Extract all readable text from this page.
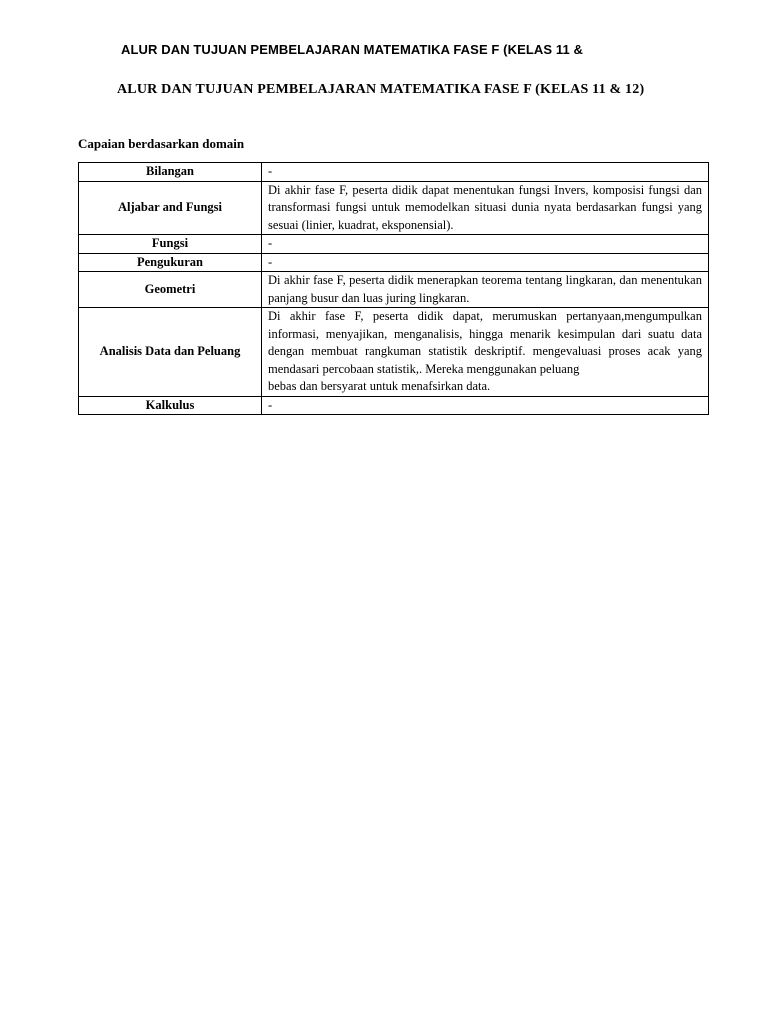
ALUR DAN TUJUAN PEMBELAJARAN MATEMATIKA FASE F (KELAS 11 &
ALUR DAN TUJUAN PEMBELAJARAN MATEMATIKA FASE F (KELAS 11 & 12)
Capaian berdasarkan domain
Bilangan	-

Aljabar and Fungsi	Di akhir fase F, peserta didik dapat menentukan fungsi Invers, komposisi fungsi dan transformasi fungsi untuk memodelkan situasi dunia nyata berdasarkan fungsi yang sesuai (linier, kuadrat, eksponensial).

Fungsi	-

Pengukuran	-

Geometri	Di akhir fase F, peserta didik menerapkan teorema tentang lingkaran, dan menentukan panjang busur dan luas juring lingkaran.

Analisis Data dan Peluang	Di akhir fase F, peserta didik dapat, merumuskan pertanyaan,mengumpulkan informasi, menyajikan, menganalisis, hingga menarik kesimpulan dari suatu data dengan membuat rangkuman statistik deskriptif. mengevaluasi proses acak yang mendasari percobaan statistik,. Mereka menggunakan peluang
bebas dan bersyarat untuk menafsirkan data.

Kalkulus	-
